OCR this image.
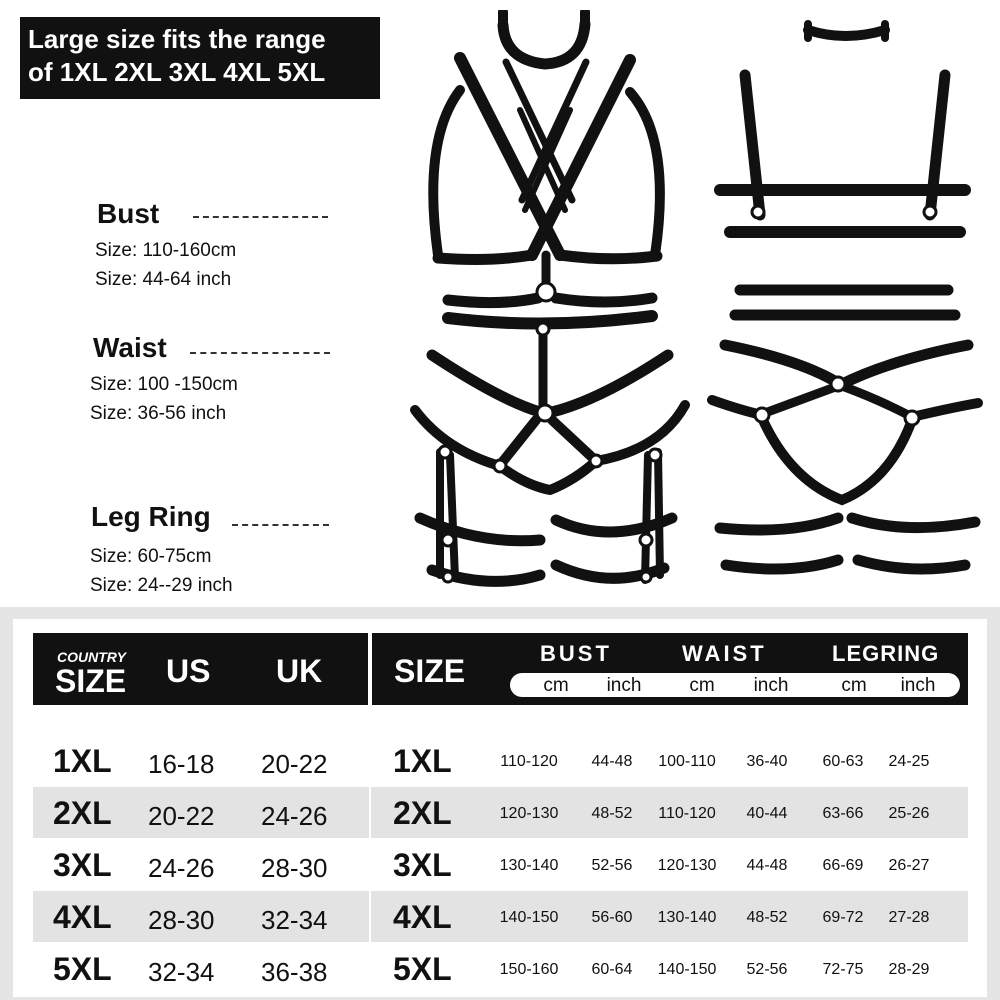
Large size fits the range
of 1XL 2XL 3XL 4XL 5XL
Bust
Size: 110-160cm
Size: 44-64 inch
Waist
Size: 100 -150cm
Size: 36-56 inch
Leg Ring
Size: 60-75cm
Size: 24--29 inch
COUNTRY
SIZE US UK SIZE	BUST	WAIST	LEGRING
cm	inch	cm	inch	cm	inch
1XL 16-18 20-22 1XL	110-120	44-48	100-110	36-40	60-63	24-25
2XL 20-22 24-26 2XL	120-130	48-52	110-120	40-44	63-66	25-26
3XL 24-26 28-30 3XL	130-140	52-56	120-130	44-48	66-69	26-27
4XL 28-30 32-34 4XL	140-150	56-60	130-140	48-52	69-72	27-28
5XL 32-34 36-38 5XL	150-160	60-64	140-150	52-56	72-75	28-29
